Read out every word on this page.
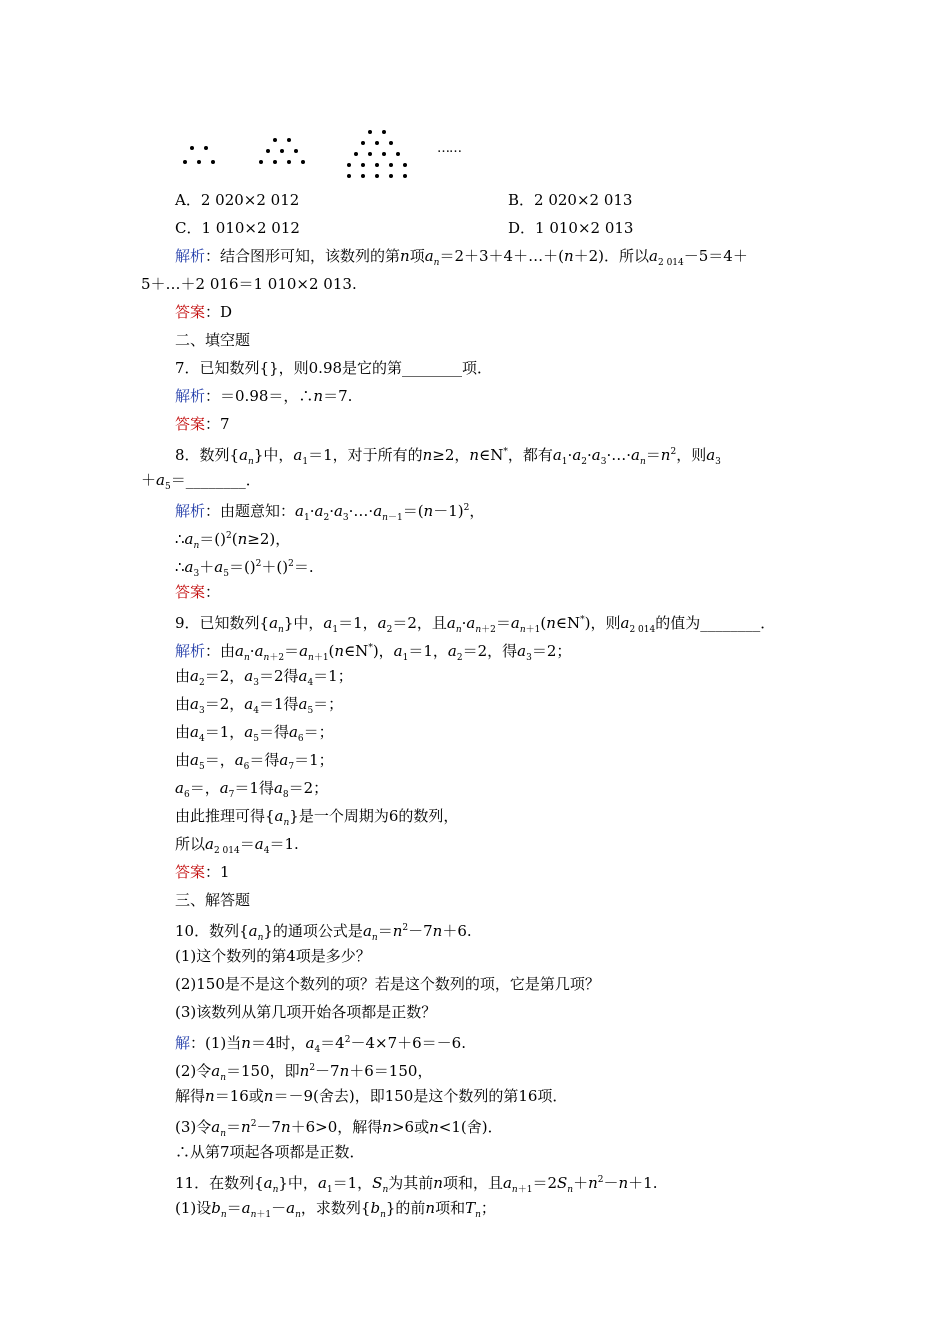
……
A．2 020×2 012	B．2 020×2 013
C．1 010×2 012	D．1 010×2 013
解析：结合图形可知，该数列的第n项$a_n=2+3+4+\dots+(n+2)$．所以$a_{2 014}-5=4+$
5＋…＋2 016＝1 010×2 013.
答案：D
二、填空题
7．已知数列{}，则0.98是它的第________项．
解析：＝0.98＝，∴n＝7.
答案：7
8．数列$\{a_n\}$中，$a_1=1$，对于所有的n≥2，n∈N*，都有$a_1\cdot a_2\cdot a_3\cdot\dots\cdot a_n=n^2$，则$a_3$
$+a_5=\_\_\_\_\_\_\_\_$．
解析：由题意知：$a_1\cdot a_2\cdot a_3\cdot\dots\cdot a_{n-1}=(n-1)^2$，
$\therefore a_n=()^2(n\ge 2)$，
$\therefore a_3+a_5=()^2+()^2=$.
答案：
9．已知数列$\{a_n\}$中，$a_1=1$，$a_2=2$，且$a_n\cdot a_{n+2}=a_{n+1}(n\in N^*)$，则$a_{2 014}$的值为________．
解析：由$a_n\cdot a_{n+2}=a_{n+1}(n\in N^*)$，$a_1=1$，$a_2=2$，得$a_3=2$；
由$a_2=2$，$a_3=2$得$a_4=1$；
由$a_3=2$，$a_4=1$得$a_5=$；
由$a_4=1$，$a_5=$得$a_6=$；
由$a_5=$，$a_6=$得$a_7=1$；
$a_6=$，$a_7=1$得$a_8=2$；
由此推理可得$\{a_n\}$是一个周期为6的数列，
所以$a_{2 014}=a_4=1$.
答案：1
三、解答题
10．数列$\{a_n\}$的通项公式是$a_n=n^2-7n+6$.
(1)这个数列的第4项是多少？
(2)150是不是这个数列的项？若是这个数列的项，它是第几项？
(3)该数列从第几项开始各项都是正数？
解：(1)当n＝4时，$a_4=4^2-4\times 7+6=-6$.
(2)令$a_n=150$，即$n^2-7n+6=150$，
解得n＝16或n＝－9(舍去)，即150是这个数列的第16项．
(3)令$a_n=n^2-7n+6>0$，解得n>6或n<1(舍)．
∴从第7项起各项都是正数．
11．在数列$\{a_n\}$中，$a_1=1$，$S_n$为其前n项和，且$a_{n+1}=2S_n+n^2-n+1$.
(1)设$b_n=a_{n+1}-a_n$，求数列$\{b_n\}$的前n项和$T_n$；
